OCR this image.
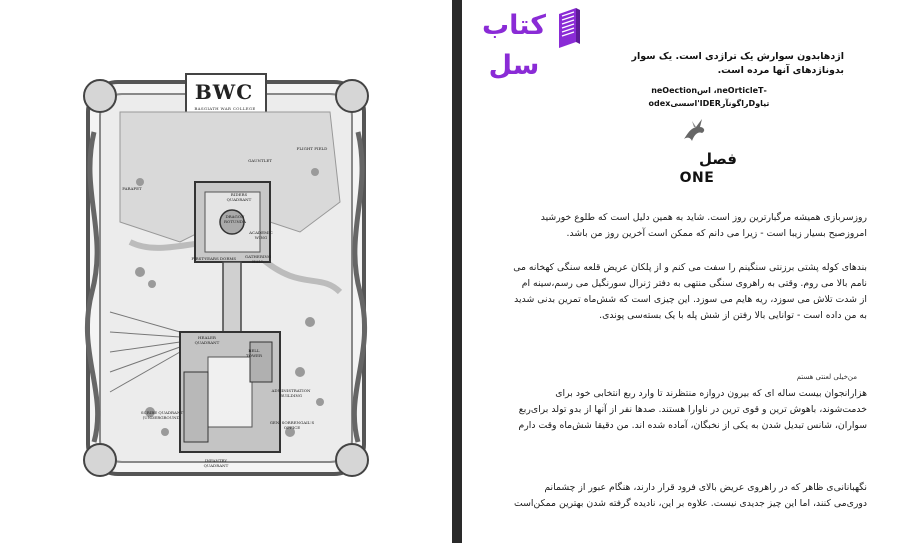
BWC
BASGIATH WAR COLLEGE
GAUNTLET
FLIGHT FIELD
PARAPET
RIDERS QUADRANT
DRAGON ROTUNDA
ACADEMIC WING
FIRST-YEARS DORMS	GATHERING HALL
HEALER QUADRANT
BELL TOWER
ADMINISTRATION BUILDING
SCRIBE QUADRANT (UNDERGROUND)
GEN. SORRENGAIL'S OFFICE
INFANTRY QUADRANT
کتاب سل	اژدهابدون سوارش یک تراژدی است. یک سوار
بدوناژدهای آنها مرده است.
-neOrticleT، اسneOection
تیاوDراگونآرIDER'اسسیodex
فصل
ONE
روزسربازی همیشه مرگبارترین روز است. شاید به همین دلیل است که طلوع خورشید امروزصبح بسیار زیبا است - زیرا می دانم که ممکن است آخرین روز من باشد.
بندهای کوله پشتی برزنتی سنگینم را سفت می کنم و از پلکان عریض قلعه سنگی کهخانه می نامم بالا می روم. وقتی به راهروی سنگی منتهی به دفتر ژنرال سورنگیل می رسم،سینه ام از شدت تلاش می سوزد، ریه هایم می سوزد. این چیزی است که شش‌ماه تمرین بدنی شدید به من داده است - توانایی بالا رفتن از شش پله با یک بسته‌سی پوندی.
من‌خیلی لعنتی هستم
هزارانجوان بیست ساله ای که بیرون دروازه منتظرند تا وارد ربع انتخابی خود برای خدمت‌شوند، باهوش ترین و قوی ترین در ناوارا هستند. صدها نفر از آنها از بدو تولد برای‌ربع سواران، شانس تبدیل شدن به یکی از نخبگان، آماده شده اند. من دقیقا شش‌ماه وقت دارم
نگهبانانی‌ی ظاهر که در راهروی عریض بالای فرود قرار دارند، هنگام عبور از چشمانم دوری‌می کنند، اما این چیز جدیدی نیست. علاوه بر این، نادیده گرفته شدن بهترین ممکن‌است
